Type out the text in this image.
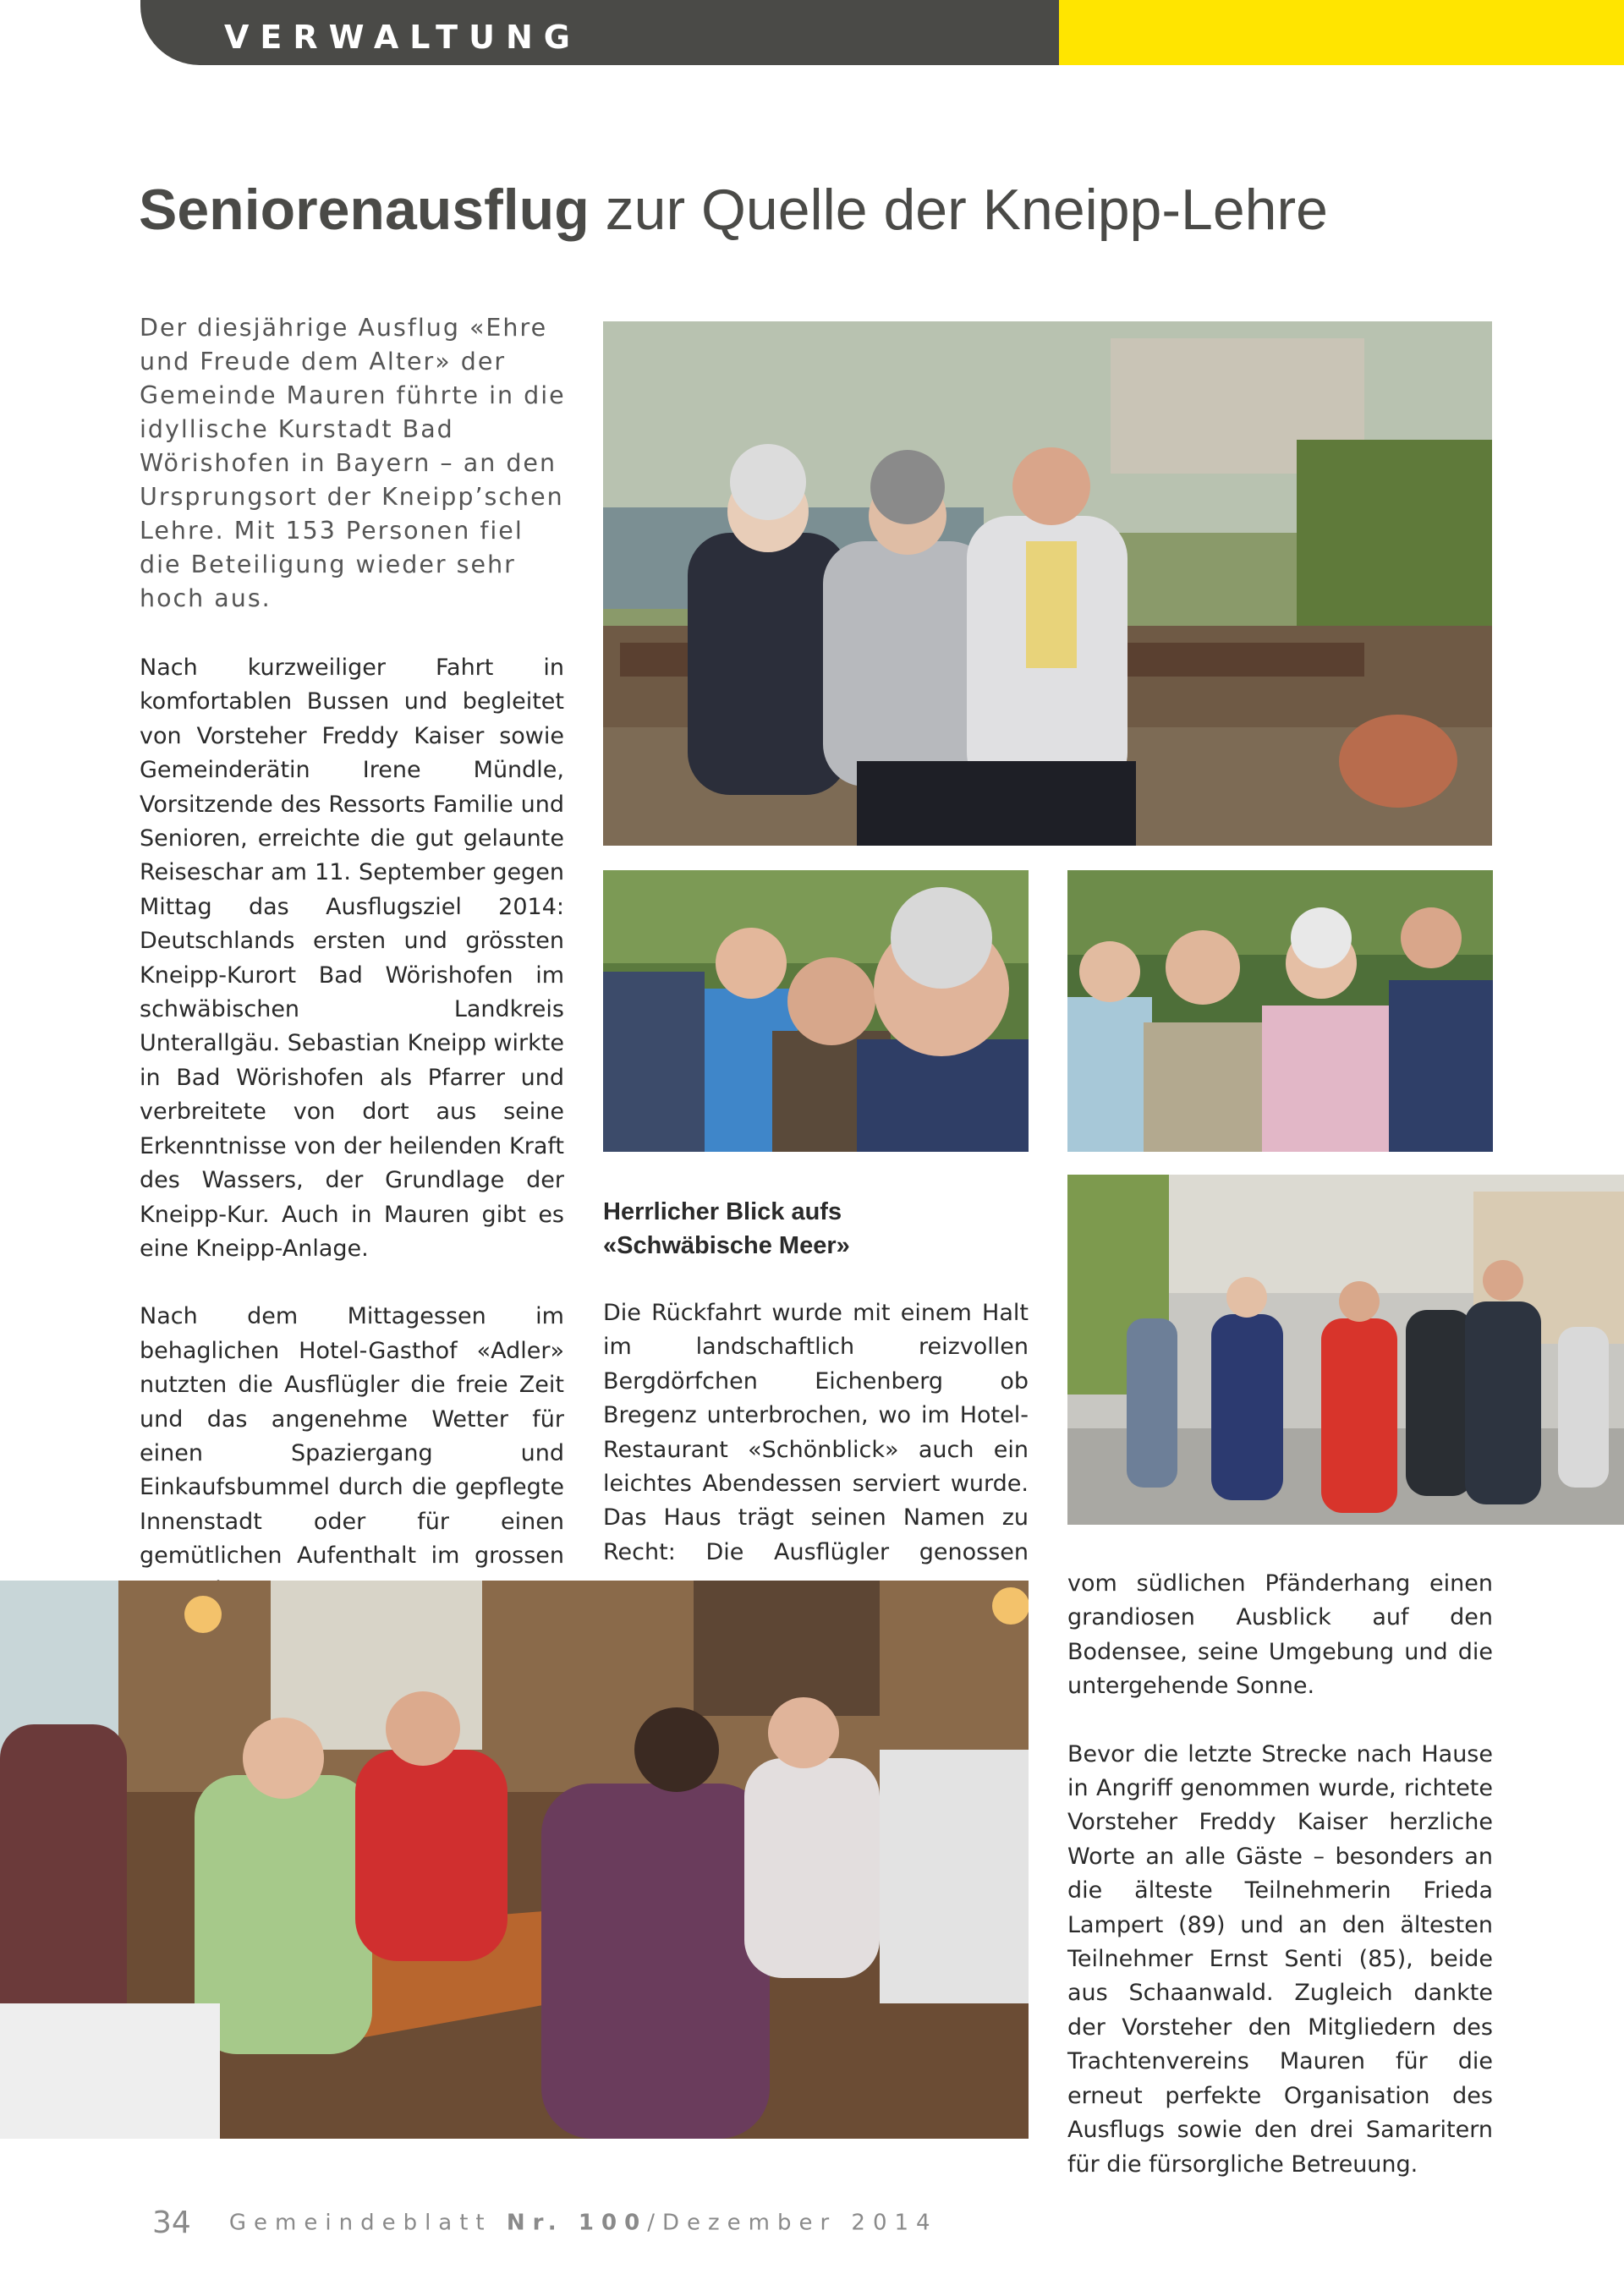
VERWALTUNG
Seniorenausflug zur Quelle der Kneipp-Lehre

Der diesjährige Ausflug «Ehre und Freude dem Alter» der Gemeinde Mauren führte in die idyllische Kurstadt Bad Wörishofen in Bayern – an den Ursprungsort der Kneipp’schen Lehre. Mit 153 Personen fiel die Beteiligung wieder sehr hoch aus.

Nach kurzweiliger Fahrt in komfortablen Bussen und begleitet von Vorsteher Freddy Kaiser sowie Gemeinderätin Irene Mündle, Vorsitzende des Ressorts Familie und Senioren, erreichte die gut gelaunte Reiseschar am 11. September gegen Mittag das Ausflugsziel 2014: Deutschlands ersten und grössten Kneipp-Kurort Bad Wörishofen im schwäbischen Landkreis Unterallgäu. Sebastian Kneipp wirkte in Bad Wörishofen als Pfarrer und verbreitete von dort aus seine Erkenntnisse von der heilenden Kraft des Wassers, der Grundlage der Kneipp-Kur. Auch in Mauren gibt es eine Kneipp-Anlage.

Nach dem Mittagessen im behaglichen Hotel-Gasthof «Adler» nutzten die Ausflügler die freie Zeit und das angenehme Wetter für einen Spaziergang und Einkaufsbummel durch die gepflegte Innenstadt oder für einen gemütlichen Aufenthalt im grossen

Herrlicher Blick aufs
«Schwäbische Meer»

Die Rückfahrt wurde mit einem Halt im landschaftlich reizvollen Bergdörfchen Eichenberg ob Bregenz unterbrochen, wo im Hotel-Restaurant «Schönblick» auch ein leichtes Abendessen serviert wurde. Das Haus trägt seinen Namen zu Recht: Die Ausflügler genossen

vom südlichen Pfänderhang einen grandiosen Ausblick auf den Bodensee, seine Umgebung und die untergehende Sonne.

Bevor die letzte Strecke nach Hause in Angriff genommen wurde, richtete Vorsteher Freddy Kaiser herzliche Worte an alle Gäste – besonders an die älteste Teilnehmerin Frieda Lampert (89) und an den ältesten Teilnehmer Ernst Senti (85), beide aus Schaanwald. Zugleich dankte der Vorsteher den Mitgliedern des Trachtenvereins Mauren für die erneut perfekte Organisation des Ausflugs sowie den drei Samaritern für die fürsorgliche Betreuung.

34 Gemeindeblatt Nr. 100/Dezember 2014
